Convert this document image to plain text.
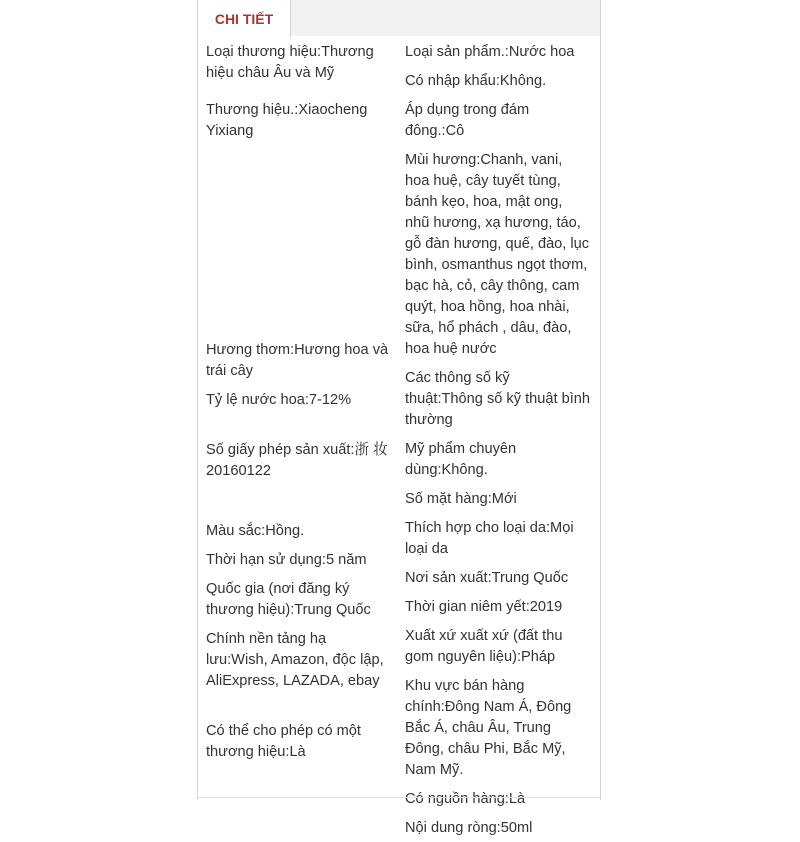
CHI TIẾT
Loại thương hiệu:Thương hiệu châu Âu và Mỹ
Thương hiệu.:Xiaocheng Yixiang
Hương thơm:Hương hoa và trái cây
Tỷ lệ nước hoa:7-12%
Số giấy phép sản xuất:浙 妆 20160122
Màu sắc:Hồng.
Thời hạn sử dụng:5 năm
Quốc gia (nơi đăng ký thương hiệu):Trung Quốc
Chính nền tảng hạ lưu:Wish, Amazon, độc lập, AliExpress, LAZADA, ebay
Có thể cho phép có một thương hiệu:Là
Loại sản phẩm.:Nước hoa
Có nhập khẩu:Không.
Áp dụng trong đám đông.:Cô
Mùi hương:Chanh, vani, hoa huệ, cây tuyết tùng, bánh kẹo, hoa, mật ong, nhũ hương, xạ hương, táo, gỗ đàn hương, quế, đào, lục bình, osmanthus ngọt thơm, bạc hà, cỏ, cây thông, cam quýt, hoa hồng, hoa nhài, sữa, hổ phách , dâu, đào, hoa huệ nước
Các thông số kỹ thuật:Thông số kỹ thuật bình thường
Mỹ phẩm chuyên dùng:Không.
Số mặt hàng:Mới
Thích hợp cho loại da:Mọi loại da
Nơi sản xuất:Trung Quốc
Thời gian niêm yết:2019
Xuất xứ xuất xứ (đất thu gom nguyên liệu):Pháp
Khu vực bán hàng chính:Đông Nam Á, Đông Bắc Á, châu Âu, Trung Đông, châu Phi, Bắc Mỹ, Nam Mỹ.
Có nguồn hàng:Là
Nội dung ròng:50ml
